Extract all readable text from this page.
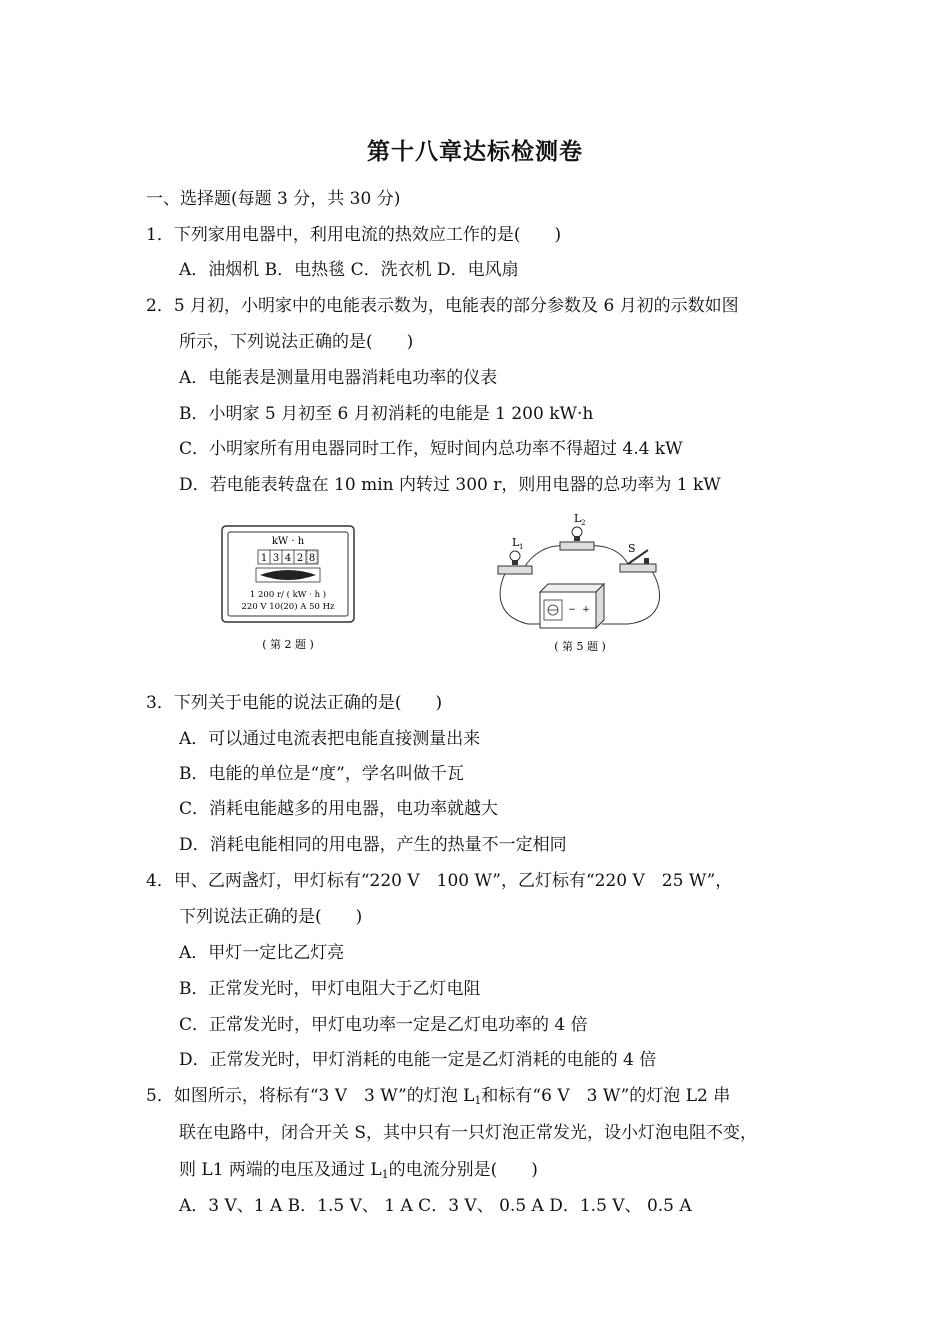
第十八章达标检测卷
一、选择题(每题 3 分，共 30 分)
1．下列家用电器中，利用电流的热效应工作的是(　　)
A．油烟机 B．电热毯 C．洗衣机 D．电风扇
2．5 月初，小明家中的电能表示数为，电能表的部分参数及 6 月初的示数如图
所示，下列说法正确的是(　　)
A．电能表是测量用电器消耗电功率的仪表
B．小明家 5 月初至 6 月初消耗的电能是 1 200 kW·h
C．小明家所有用电器同时工作，短时间内总功率不得超过 4.4 kW
D．若电能表转盘在 10 min 内转过 300 r，则用电器的总功率为 1 kW
kW · h
1 3 4 2 8
1 200 r/ ( kW · h )
220 V 10(20) A 50 Hz
( 第 2 题 )
L 1
L 2
S
− +
( 第 5 题 )
3．下列关于电能的说法正确的是(　　)
A．可以通过电流表把电能直接测量出来
B．电能的单位是“度”，学名叫做千瓦
C．消耗电能越多的用电器，电功率就越大
D．消耗电能相同的用电器，产生的热量不一定相同
4．甲、乙两盏灯，甲灯标有“220 V　100 W”，乙灯标有“220 V　25 W”，
下列说法正确的是(　　)
A．甲灯一定比乙灯亮
B．正常发光时，甲灯电阻大于乙灯电阻
C．正常发光时，甲灯电功率一定是乙灯电功率的 4 倍
D．正常发光时，甲灯消耗的电能一定是乙灯消耗的电能的 4 倍
5．如图所示，将标有“3 V　3 W”的灯泡 $L_1$和标有“6 V　3 W”的灯泡 L2 串
联在电路中，闭合开关 S，其中只有一只灯泡正常发光，设小灯泡电阻不变，
则 L1 两端的电压及通过 $L_1$的电流分别是(　　)
A．3 V、1 A B．1.5 V、 1 A C．3 V、 0.5 A D．1.5 V、 0.5 A
